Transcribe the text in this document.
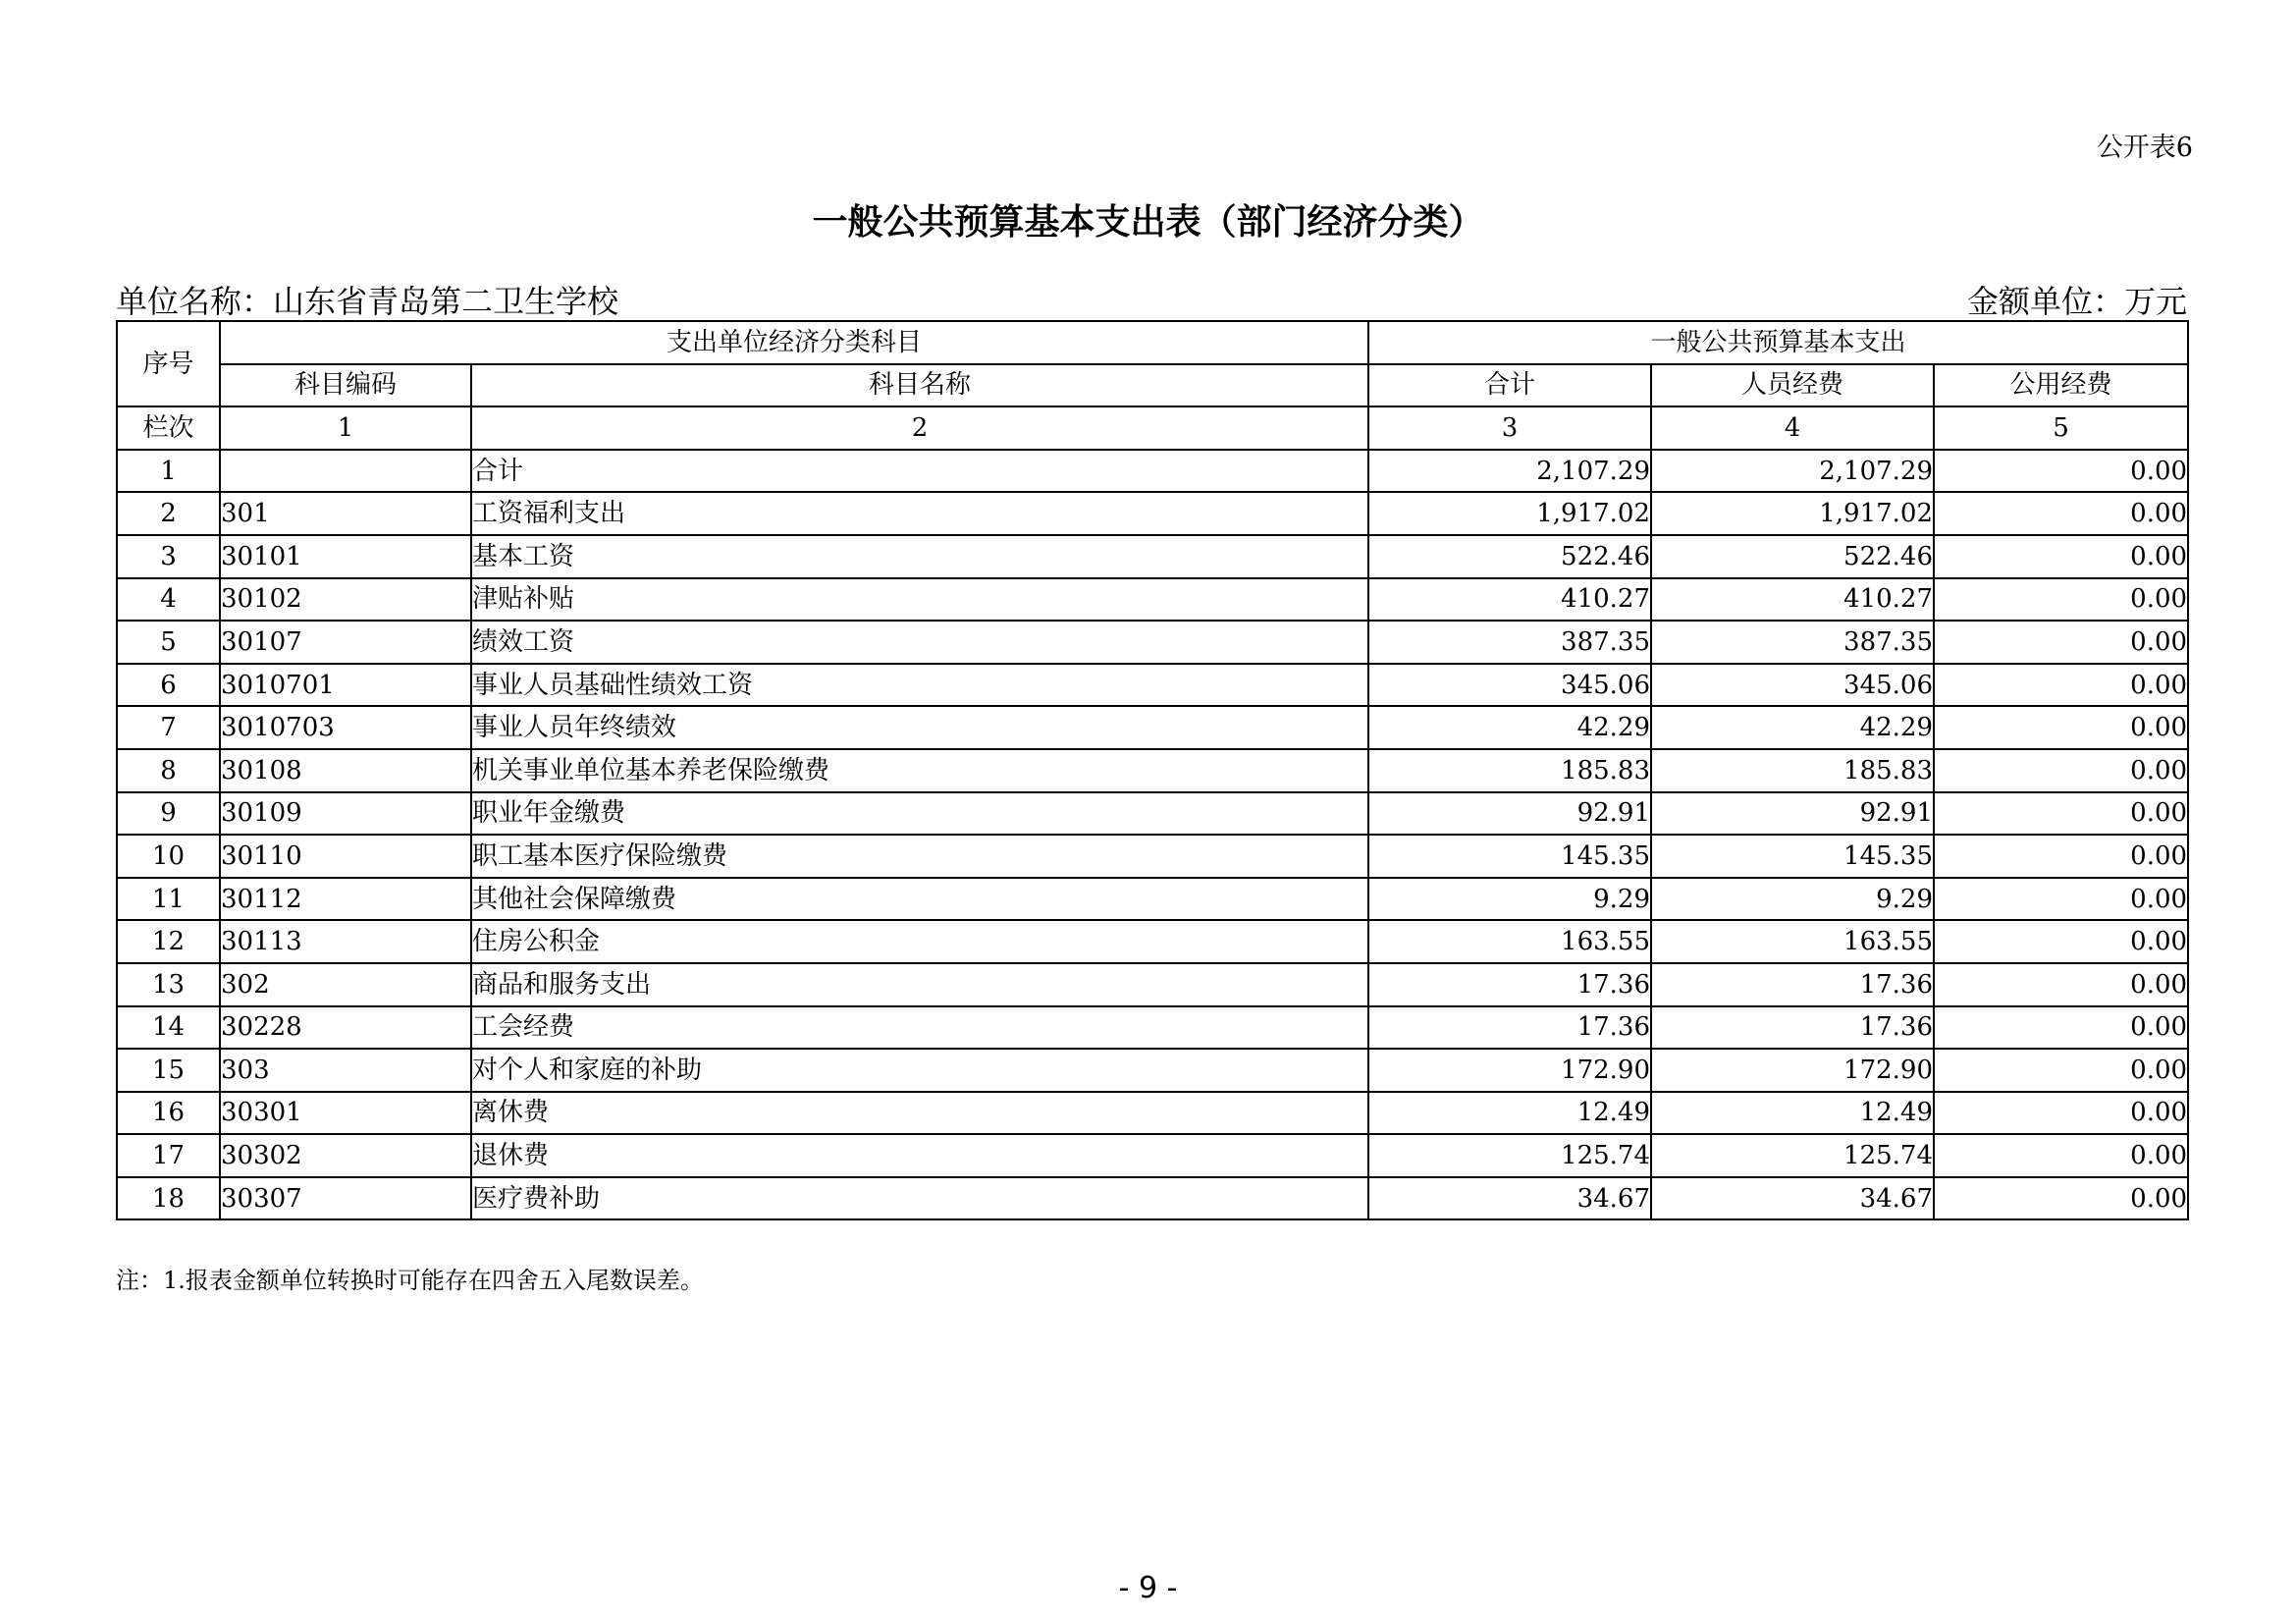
公开表6
一般公共预算基本支出表（部门经济分类）
单位名称：山东省青岛第二卫生学校	金额单位：万元
序号	支出单位经济分类科目		一般公共预算基本支出		
	科目编码	科目名称	合计	人员经费	公用经费
栏次	1	2	3	4	5
1		合计	2,107.29	2,107.29	0.00
2	301	工资福利支出	1,917.02	1,917.02	0.00
3	30101	基本工资	522.46	522.46	0.00
4	30102	津贴补贴	410.27	410.27	0.00
5	30107	绩效工资	387.35	387.35	0.00
6	3010701	事业人员基础性绩效工资	345.06	345.06	0.00
7	3010703	事业人员年终绩效	42.29	42.29	0.00
8	30108	机关事业单位基本养老保险缴费	185.83	185.83	0.00
9	30109	职业年金缴费	92.91	92.91	0.00
10	30110	职工基本医疗保险缴费	145.35	145.35	0.00
11	30112	其他社会保障缴费	9.29	9.29	0.00
12	30113	住房公积金	163.55	163.55	0.00
13	302	商品和服务支出	17.36	17.36	0.00
14	30228	工会经费	17.36	17.36	0.00
15	303	对个人和家庭的补助	172.90	172.90	0.00
16	30301	离休费	12.49	12.49	0.00
17	30302	退休费	125.74	125.74	0.00
18	30307	医疗费补助	34.67	34.67	0.00
注：1.报表金额单位转换时可能存在四舍五入尾数误差。
- 9 -
